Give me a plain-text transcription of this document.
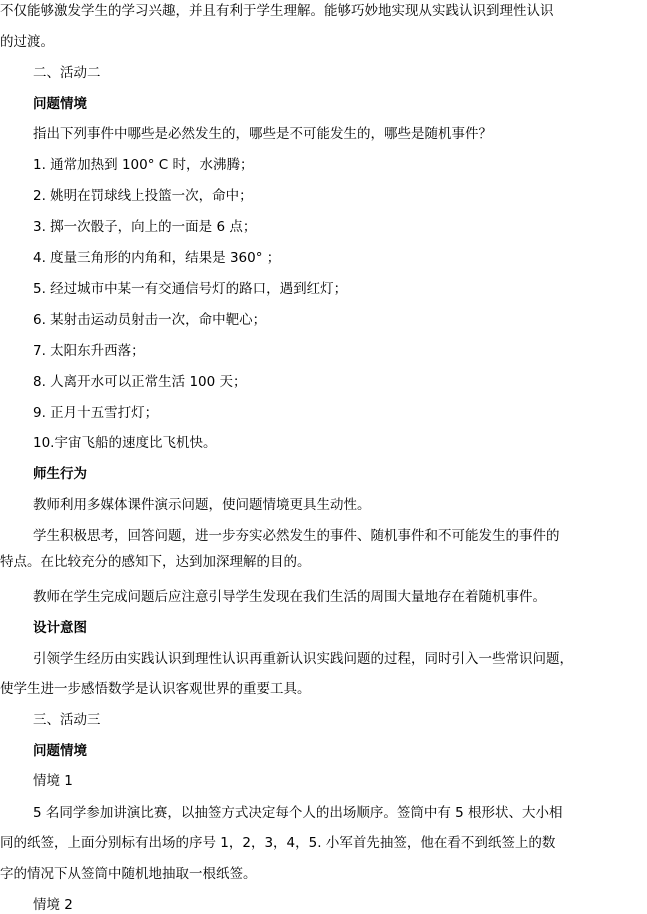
不仅能够激发学生的学习兴趣，并且有利于学生理解。能够巧妙地实现从实践认识到理性认识
的过渡。
二、活动二
问题情境
指出下列事件中哪些是必然发生的，哪些是不可能发生的，哪些是随机事件？
1. 通常加热到 100° C 时，水沸腾；
2. 姚明在罚球线上投篮一次，命中；
3. 掷一次骰子，向上的一面是 6 点；
4. 度量三角形的内角和，结果是 360° ；
5. 经过城市中某一有交通信号灯的路口，遇到红灯；
6. 某射击运动员射击一次，命中靶心；
7. 太阳东升西落；
8. 人离开水可以正常生活 100 天；
9. 正月十五雪打灯；
10.宇宙飞船的速度比飞机快。
师生行为
教师利用多媒体课件演示问题，使问题情境更具生动性。
学生积极思考，回答问题，进一步夯实必然发生的事件、随机事件和不可能发生的事件的
特点。在比较充分的感知下，达到加深理解的目的。
教师在学生完成问题后应注意引导学生发现在我们生活的周围大量地存在着随机事件。
设计意图
引领学生经历由实践认识到理性认识再重新认识实践问题的过程，同时引入一些常识问题，
使学生进一步感悟数学是认识客观世界的重要工具。
三、活动三
问题情境
情境 1
5 名同学参加讲演比赛，以抽签方式决定每个人的出场顺序。签筒中有 5 根形状、大小相
同的纸签，上面分别标有出场的序号 1，2，3，4，5. 小军首先抽签，他在看不到纸签上的数
字的情况下从签筒中随机地抽取一根纸签。
情境 2
